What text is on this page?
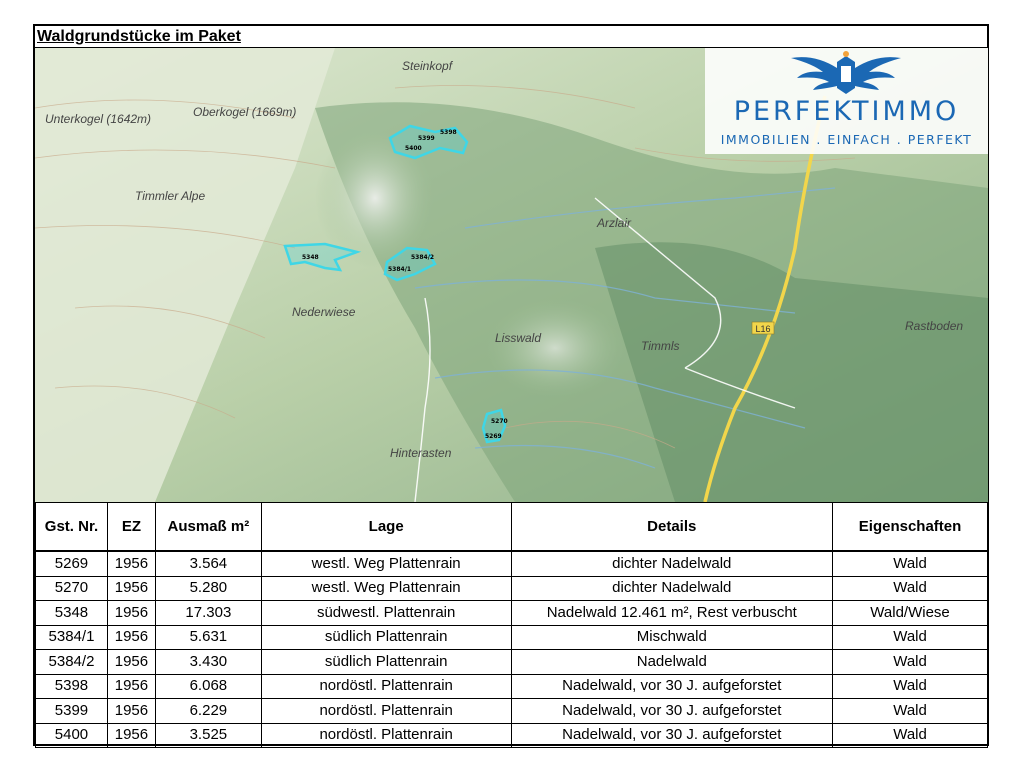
Waldgrundstücke im Paket
5399
5398
5400
5348	5384/2
5384/1
5270
5269
Steinkopf
Unterkogel (1642m)	Oberkogel (1669m)
Timmler Alpe
Arzlair
Nederwiese
Lisswald
Timmls
Rastboden
Hinterasten
L16
PERFEKTIMMO
IMMOBILIEN . EINFACH . PERFEKT
Gst. Nr.	EZ	Ausmaß m²	Lage	Details	Eigenschaften
5269	1956	3.564	westl. Weg Plattenrain	dichter Nadelwald	Wald
5270	1956	5.280	westl. Weg Plattenrain	dichter Nadelwald	Wald
5348	1956	17.303	südwestl. Plattenrain	Nadelwald 12.461 m², Rest verbuscht	Wald/Wiese
5384/1	1956	5.631	südlich Plattenrain	Mischwald	Wald
5384/2	1956	3.430	südlich Plattenrain	Nadelwald	Wald
5398	1956	6.068	nordöstl. Plattenrain	Nadelwald, vor 30 J. aufgeforstet	Wald
5399	1956	6.229	nordöstl. Plattenrain	Nadelwald, vor 30 J. aufgeforstet	Wald
5400	1956	3.525	nordöstl. Plattenrain	Nadelwald, vor 30 J. aufgeforstet	Wald
